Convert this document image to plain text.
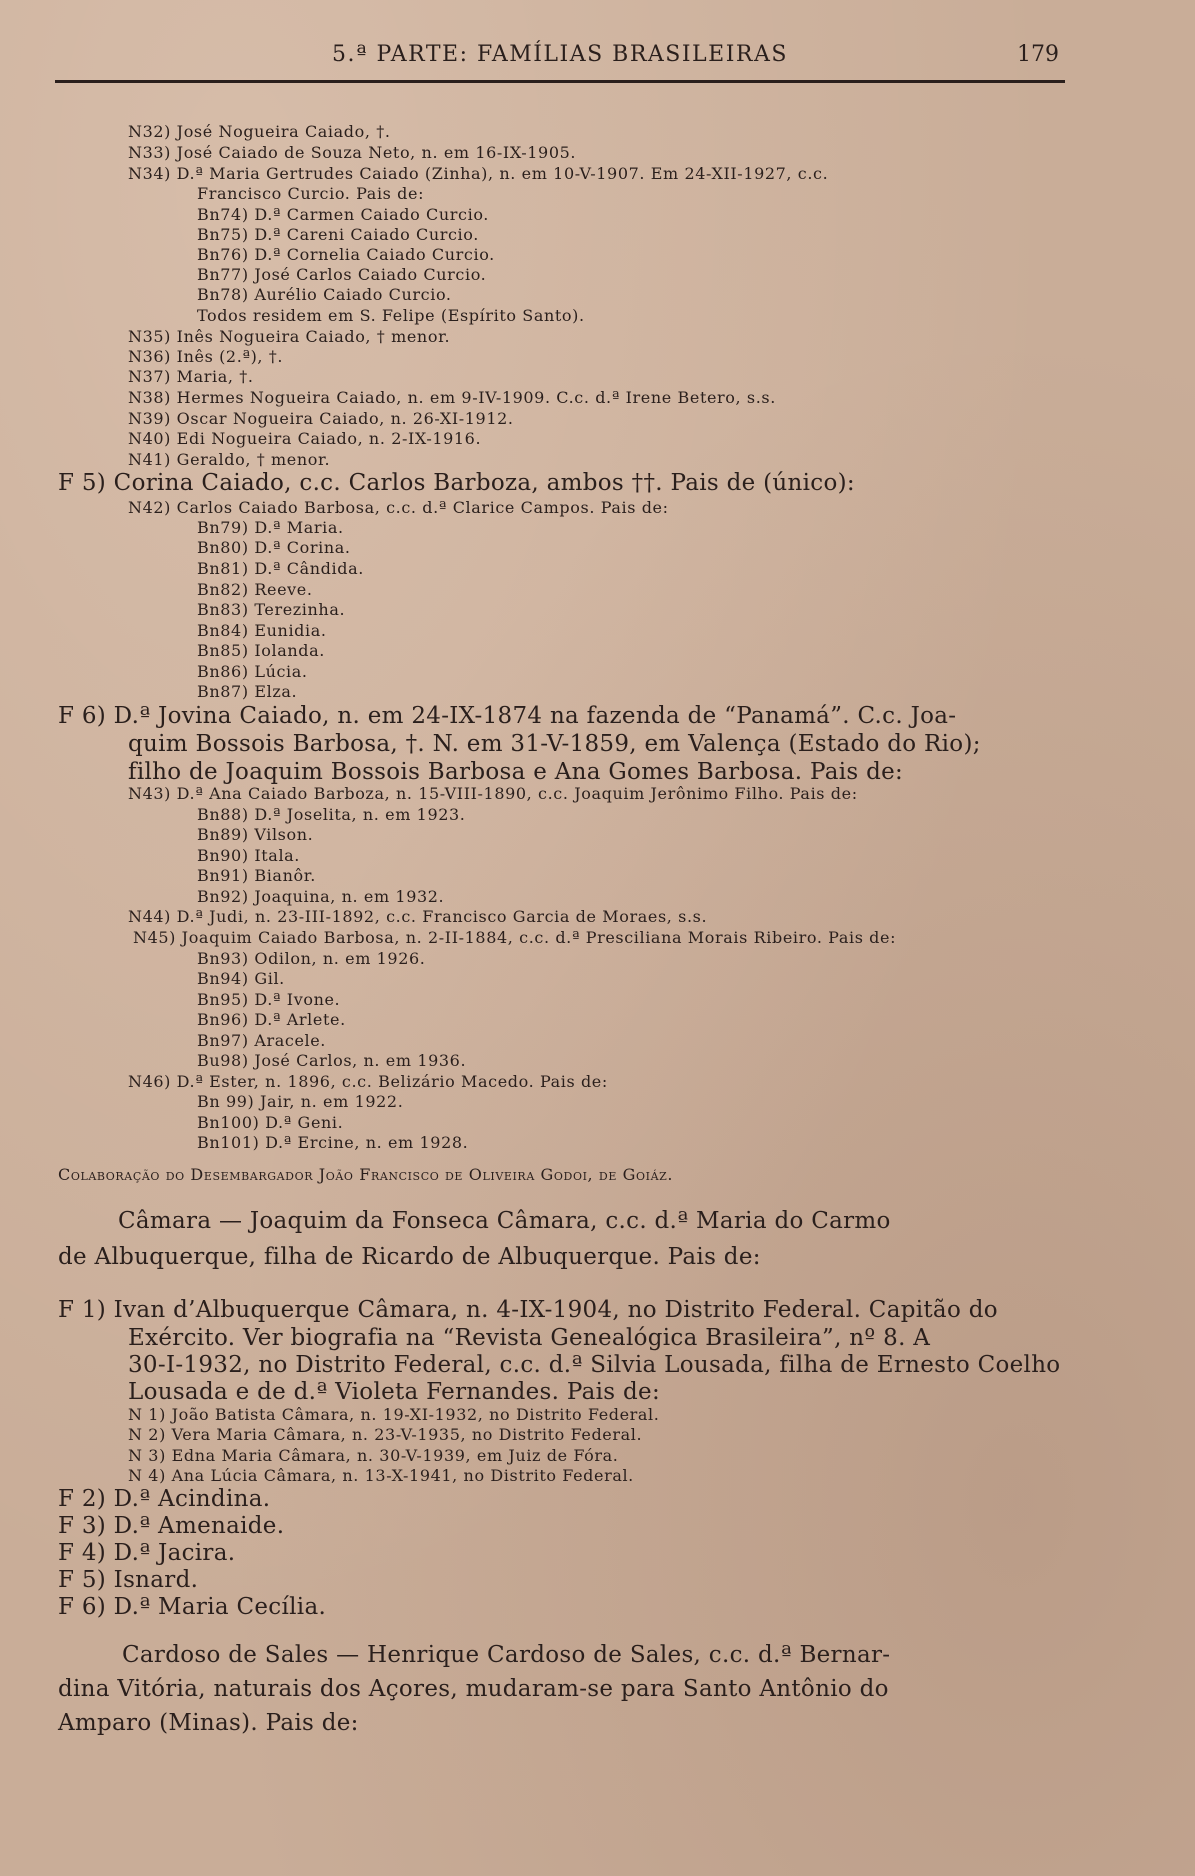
5.ª PARTE: FAMÍLIAS BRASILEIRAS	179
N32) José Nogueira Caiado, †.
N33) José Caiado de Souza Neto, n. em 16-IX-1905.
N34) D.ª Maria Gertrudes Caiado (Zinha), n. em 10-V-1907. Em 24-XII-1927, c.c.
Francisco Curcio. Pais de:
Bn74) D.ª Carmen Caiado Curcio.
Bn75) D.ª Careni Caiado Curcio.
Bn76) D.ª Cornelia Caiado Curcio.
Bn77) José Carlos Caiado Curcio.
Bn78) Aurélio Caiado Curcio.
Todos residem em S. Felipe (Espírito Santo).
N35) Inês Nogueira Caiado, † menor.
N36) Inês (2.ª), †.
N37) Maria, †.
N38) Hermes Nogueira Caiado, n. em 9-IV-1909. C.c. d.ª Irene Betero, s.s.
N39) Oscar Nogueira Caiado, n. 26-XI-1912.
N40) Edi Nogueira Caiado, n. 2-IX-1916.
N41) Geraldo, † menor.
F 5) Corina Caiado, c.c. Carlos Barboza, ambos ††. Pais de (único):
N42) Carlos Caiado Barbosa, c.c. d.ª Clarice Campos. Pais de:
Bn79) D.ª Maria.
Bn80) D.ª Corina.
Bn81) D.ª Cândida.
Bn82) Reeve.
Bn83) Terezinha.
Bn84) Eunidia.
Bn85) Iolanda.
Bn86) Lúcia.
Bn87) Elza.
F 6) D.ª Jovina Caiado, n. em 24-IX-1874 na fazenda de “Panamá”. C.c. Joa-
quim Bossois Barbosa, †. N. em 31-V-1859, em Valença (Estado do Rio);
filho de Joaquim Bossois Barbosa e Ana Gomes Barbosa. Pais de:
N43) D.ª Ana Caiado Barboza, n. 15-VIII-1890, c.c. Joaquim Jerônimo Filho. Pais de:
Bn88) D.ª Joselita, n. em 1923.
Bn89) Vilson.
Bn90) Itala.
Bn91) Bianôr.
Bn92) Joaquina, n. em 1932.
N44) D.ª Judi, n. 23-III-1892, c.c. Francisco Garcia de Moraes, s.s.
N45) Joaquim Caiado Barbosa, n. 2-II-1884, c.c. d.ª Presciliana Morais Ribeiro. Pais de:
Bn93) Odilon, n. em 1926.
Bn94) Gil.
Bn95) D.ª Ivone.
Bn96) D.ª Arlete.
Bn97) Aracele.
Bu98) José Carlos, n. em 1936.
N46) D.ª Ester, n. 1896, c.c. Belizário Macedo. Pais de:
Bn 99) Jair, n. em 1922.
Bn100) D.ª Geni.
Bn101) D.ª Ercine, n. em 1928.
Colaboração do Desembargador João Francisco de Oliveira Godoi, de Goiáz.
Câmara — Joaquim da Fonseca Câmara, c.c. d.ª Maria do Carmo
de Albuquerque, filha de Ricardo de Albuquerque. Pais de:
F 1) Ivan d’Albuquerque Câmara, n. 4-IX-1904, no Distrito Federal. Capitão do
Exército. Ver biografia na “Revista Genealógica Brasileira”, nº 8. A
30-I-1932, no Distrito Federal, c.c. d.ª Silvia Lousada, filha de Ernesto Coelho
Lousada e de d.ª Violeta Fernandes. Pais de:
N 1) João Batista Câmara, n. 19-XI-1932, no Distrito Federal.
N 2) Vera Maria Câmara, n. 23-V-1935, no Distrito Federal.
N 3) Edna Maria Câmara, n. 30-V-1939, em Juiz de Fóra.
N 4) Ana Lúcia Câmara, n. 13-X-1941, no Distrito Federal.
F 2) D.ª Acindina.
F 3) D.ª Amenaide.
F 4) D.ª Jacira.
F 5) Isnard.
F 6) D.ª Maria Cecília.
Cardoso de Sales — Henrique Cardoso de Sales, c.c. d.ª Bernar-
dina Vitória, naturais dos Açores, mudaram-se para Santo Antônio do
Amparo (Minas). Pais de:
